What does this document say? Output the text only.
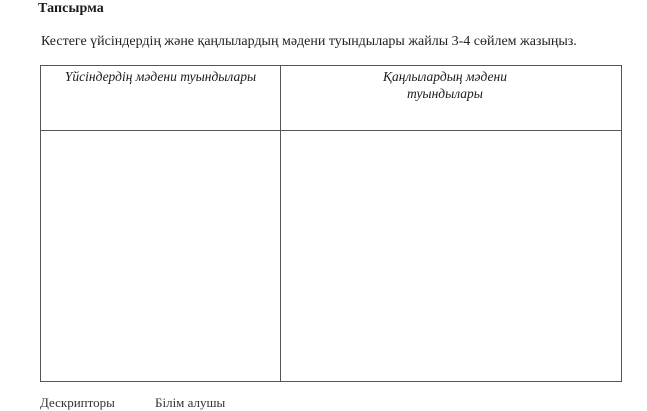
Тапсырма
Кестеге үйсіндердің және қаңлылардың мәдени туындылары жайлы 3-4 сөйлем жазыңыз.
Үйсіндердің мәдени туындылары	Қаңлылардың мәдени туындылары

Дескрипторы	Білім алушы
